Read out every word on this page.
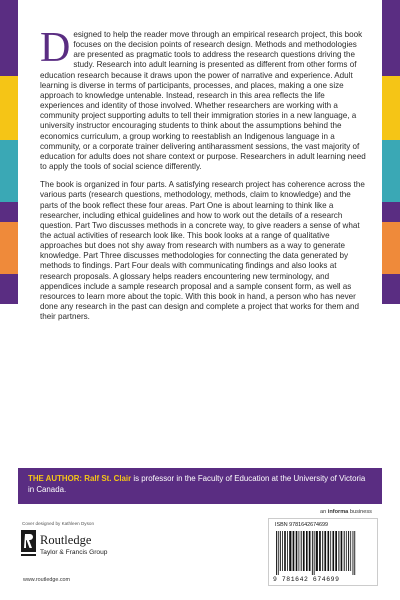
Designed to help the reader move through an empirical research project, this book focuses on the decision points of research design. Methods and methodologies are presented as pragmatic tools to address the research questions driving the study. Research into adult learning is presented as different from other forms of education research because it draws upon the power of narrative and experience. Adult learning is diverse in terms of participants, processes, and places, making a one size approach to knowledge untenable. Instead, research in this area reflects the life experiences and identity of those involved. Whether researchers are working with a community project supporting adults to tell their immigration stories in a new language, a university instructor encouraging students to think about the assumptions behind the economics curriculum, a group working to reestablish an Indigenous language in a community, or a corporate trainer delivering antiharassment sessions, the vast majority of education for adults does not share context or purpose. Researchers in adult learning need to apply the tools of social science differently.

The book is organized in four parts. A satisfying research project has coherence across the various parts (research questions, methodology, methods, claim to knowledge) and the parts of the book reflect these four areas. Part One is about learning to think like a researcher, including ethical guidelines and how to work out the details of a research question. Part Two discusses methods in a concrete way, to give readers a sense of what the actual activities of research look like. This book looks at a range of qualitative approaches but does not shy away from research with numbers as a way to generate knowledge. Part Three discusses methodologies for connecting the data generated by methods to findings. Part Four deals with communicating findings and also looks at research proposals. A glossary helps readers encountering new terminology, and appendices include a sample research proposal and a sample consent form, as well as resources to learn more about the topic. With this book in hand, a person who has never done any research in the past can design and complete a project that works for them and their partners.

THE AUTHOR: Ralf St. Clair is professor in the Faculty of Education at the University of Victoria in Canada.
Cover designed by Kathleen Dyson
Routledge
Taylor & Francis Group
www.routledge.com
an informa business
ISBN 9781642674699
9 781642 674699
